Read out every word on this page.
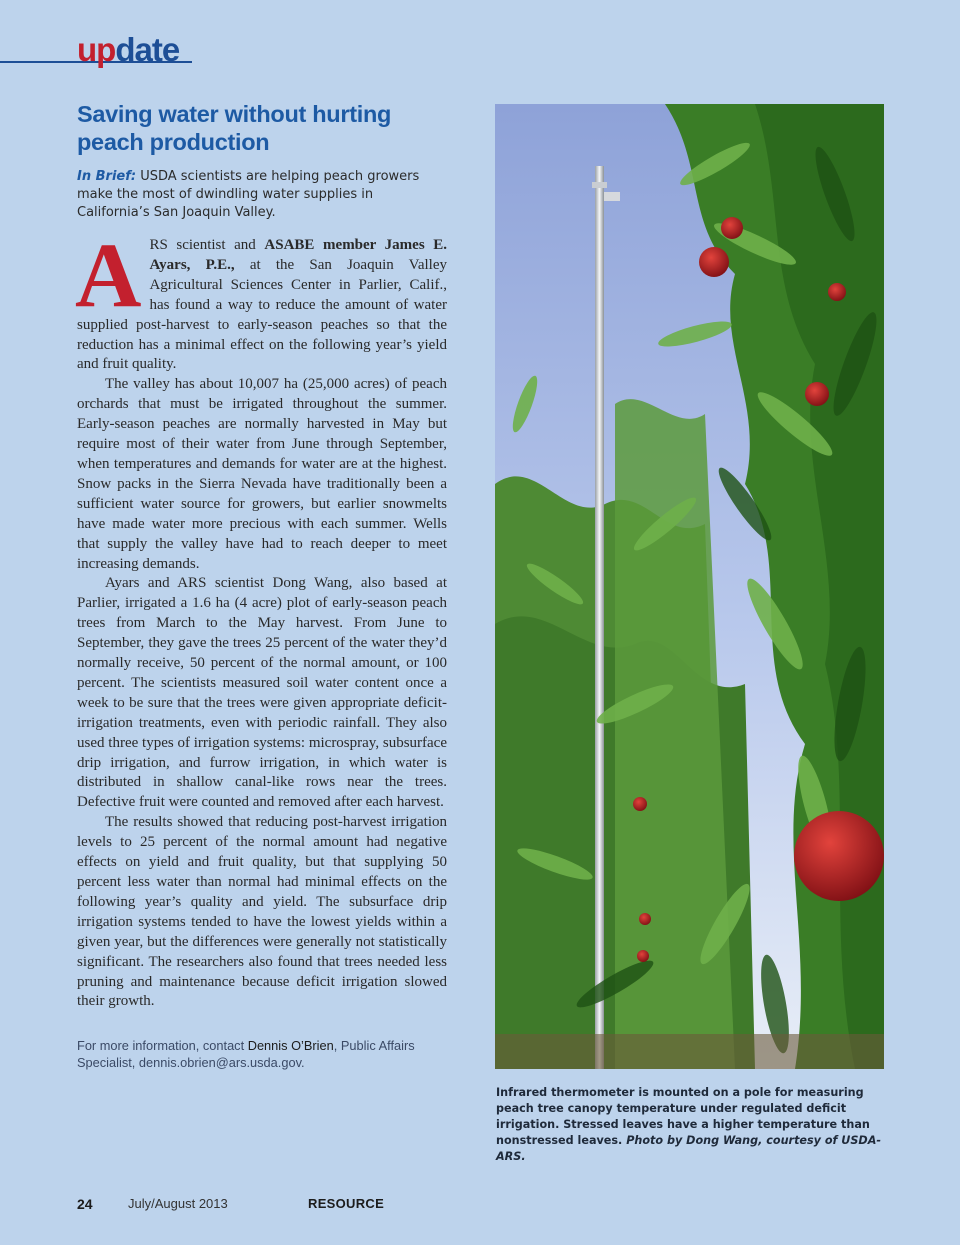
update
Saving water without hurting
peach production
In Brief: USDA scientists are helping peach growers make the most of dwindling water supplies in California’s San Joaquin Valley.

ARS scientist and ASABE member James E. Ayars, P.E., at the San Joaquin Valley Agricultural Sciences Center in Parlier, Calif., has found a way to reduce the amount of water supplied post-harvest to early-season peaches so that the reduction has a minimal effect on the following year’s yield and fruit quality.

The valley has about 10,007 ha (25,000 acres) of peach orchards that must be irrigated throughout the summer. Early-season peaches are normally harvested in May but require most of their water from June through September, when temperatures and demands for water are at the highest. Snow packs in the Sierra Nevada have traditionally been a sufficient water source for growers, but earlier snowmelts have made water more precious with each summer. Wells that supply the valley have had to reach deeper to meet increasing demands.

Ayars and ARS scientist Dong Wang, also based at Parlier, irrigated a 1.6 ha (4 acre) plot of early-season peach trees from March to the May harvest. From June to September, they gave the trees 25 percent of the water they’d normally receive, 50 percent of the normal amount, or 100 percent. The scientists measured soil water content once a week to be sure that the trees were given appropriate deficit-irrigation treatments, even with periodic rainfall. They also used three types of irrigation systems: microspray, subsurface drip irrigation, and furrow irrigation, in which water is distributed in shallow canal-like rows near the trees. Defective fruit were counted and removed after each harvest.

The results showed that reducing post-harvest irrigation levels to 25 percent of the normal amount had negative effects on yield and fruit quality, but that supplying 50 percent less water than normal had minimal effects on the following year’s quality and yield. The subsurface drip irrigation systems tended to have the lowest yields within a given year, but the differences were generally not statistically significant. The researchers also found that trees needed less pruning and maintenance because deficit irrigation slowed their growth.

For more information, contact Dennis O’Brien, Public Affairs Specialist, dennis.obrien@ars.usda.gov.
Infrared thermometer is mounted on a pole for measuring peach tree canopy temperature under regulated deficit irrigation. Stressed leaves have a higher temperature than nonstressed leaves. Photo by Dong Wang, courtesy of USDA-ARS.
24	July/August 2013	RESOURCE
